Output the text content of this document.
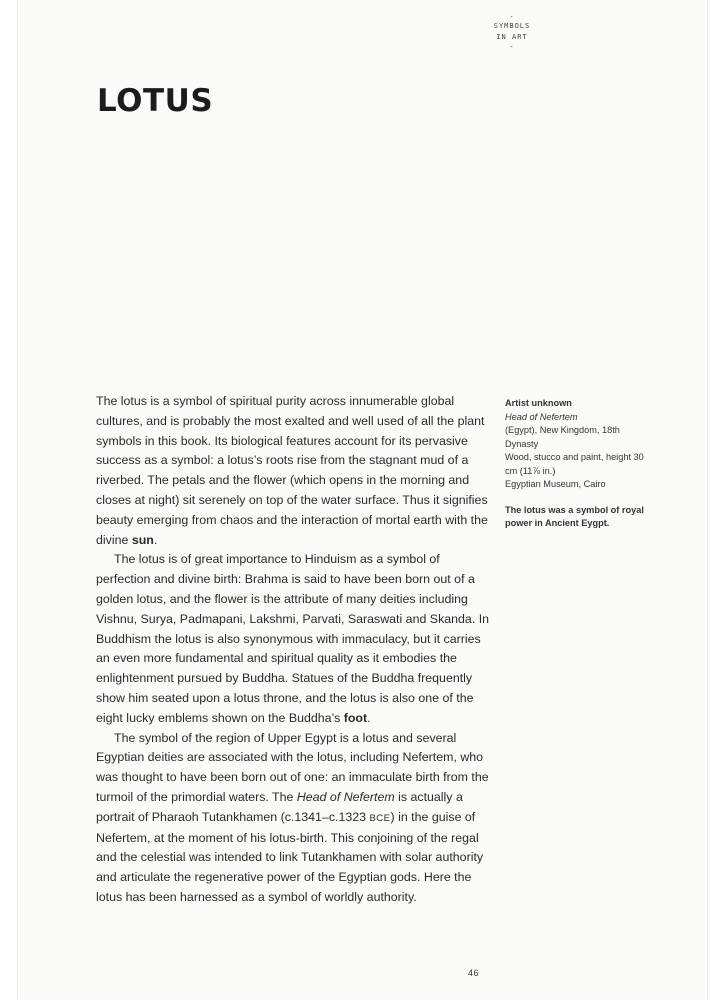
-
SYMBOLS
IN ART
-
LOTUS

The lotus is a symbol of spiritual purity across innumerable global cultures, and is probably the most exalted and well used of all the plant symbols in this book. Its biological features account for its pervasive success as a symbol: a lotus’s roots rise from the stagnant mud of a riverbed. The petals and the flower (which opens in the morning and closes at night) sit serenely on top of the water surface. Thus it signifies beauty emerging from chaos and the interaction of mortal earth with the divine sun.

The lotus is of great importance to Hinduism as a symbol of perfection and divine birth: Brahma is said to have been born out of a golden lotus, and the flower is the attribute of many deities including Vishnu, Surya, Padmapani, Lakshmi, Parvati, Saraswati and Skanda. In Buddhism the lotus is also synonymous with immaculacy, but it carries an even more fundamental and spiritual quality as it embodies the enlightenment pursued by Buddha. Statues of the Buddha frequently show him seated upon a lotus throne, and the lotus is also one of the eight lucky emblems shown on the Buddha’s foot.

The symbol of the region of Upper Egypt is a lotus and several Egyptian deities are associated with the lotus, including Nefertem, who was thought to have been born out of one: an immaculate birth from the turmoil of the primordial waters. The Head of Nefertem is actually a portrait of Pharaoh Tutankhamen (c.1341–c.1323 BCE) in the guise of Nefertem, at the moment of his lotus-birth. This conjoining of the regal and the celestial was intended to link Tutankhamen with solar authority and articulate the regenerative power of the Egyptian gods. Here the lotus has been harnessed as a symbol of worldly authority.

Artist unknown
Head of Nefertem
(Egypt), New Kingdom, 18th Dynasty
Wood, stucco and paint, height 30 cm (11⅞ in.)
Egyptian Museum, Cairo
The lotus was a symbol of royal power in Ancient Eygpt.
46
